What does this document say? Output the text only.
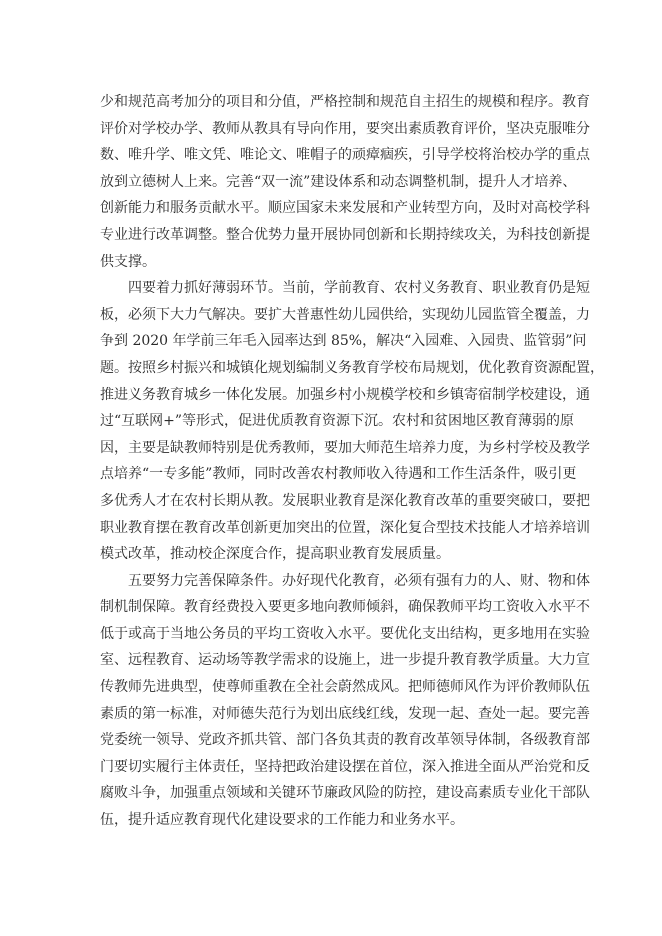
少和规范高考加分的项目和分值，严格控制和规范自主招生的规模和程序。教育
评价对学校办学、教师从教具有导向作用，要突出素质教育评价，坚决克服唯分
数、唯升学、唯文凭、唯论文、唯帽子的顽瘴痼疾，引导学校将治校办学的重点
放到立德树人上来。完善“双一流”建设体系和动态调整机制，提升人才培养、
创新能力和服务贡献水平。顺应国家未来发展和产业转型方向，及时对高校学科
专业进行改革调整。整合优势力量开展协同创新和长期持续攻关，为科技创新提
供支撑。
四要着力抓好薄弱环节。当前，学前教育、农村义务教育、职业教育仍是短
板，必须下大力气解决。要扩大普惠性幼儿园供给，实现幼儿园监管全覆盖，力
争到 2020 年学前三年毛入园率达到 85%，解决“入园难、入园贵、监管弱”问
题。按照乡村振兴和城镇化规划编制义务教育学校布局规划，优化教育资源配置，
推进义务教育城乡一体化发展。加强乡村小规模学校和乡镇寄宿制学校建设，通
过“互联网+”等形式，促进优质教育资源下沉。农村和贫困地区教育薄弱的原
因，主要是缺教师特别是优秀教师，要加大师范生培养力度，为乡村学校及教学
点培养“一专多能”教师，同时改善农村教师收入待遇和工作生活条件，吸引更
多优秀人才在农村长期从教。发展职业教育是深化教育改革的重要突破口，要把
职业教育摆在教育改革创新更加突出的位置，深化复合型技术技能人才培养培训
模式改革，推动校企深度合作，提高职业教育发展质量。
五要努力完善保障条件。办好现代化教育，必须有强有力的人、财、物和体
制机制保障。教育经费投入要更多地向教师倾斜，确保教师平均工资收入水平不
低于或高于当地公务员的平均工资收入水平。要优化支出结构，更多地用在实验
室、远程教育、运动场等教学需求的设施上，进一步提升教育教学质量。大力宣
传教师先进典型，使尊师重教在全社会蔚然成风。把师德师风作为评价教师队伍
素质的第一标准，对师德失范行为划出底线红线，发现一起、查处一起。要完善
党委统一领导、党政齐抓共管、部门各负其责的教育改革领导体制，各级教育部
门要切实履行主体责任，坚持把政治建设摆在首位，深入推进全面从严治党和反
腐败斗争，加强重点领域和关键环节廉政风险的防控，建设高素质专业化干部队
伍，提升适应教育现代化建设要求的工作能力和业务水平。
